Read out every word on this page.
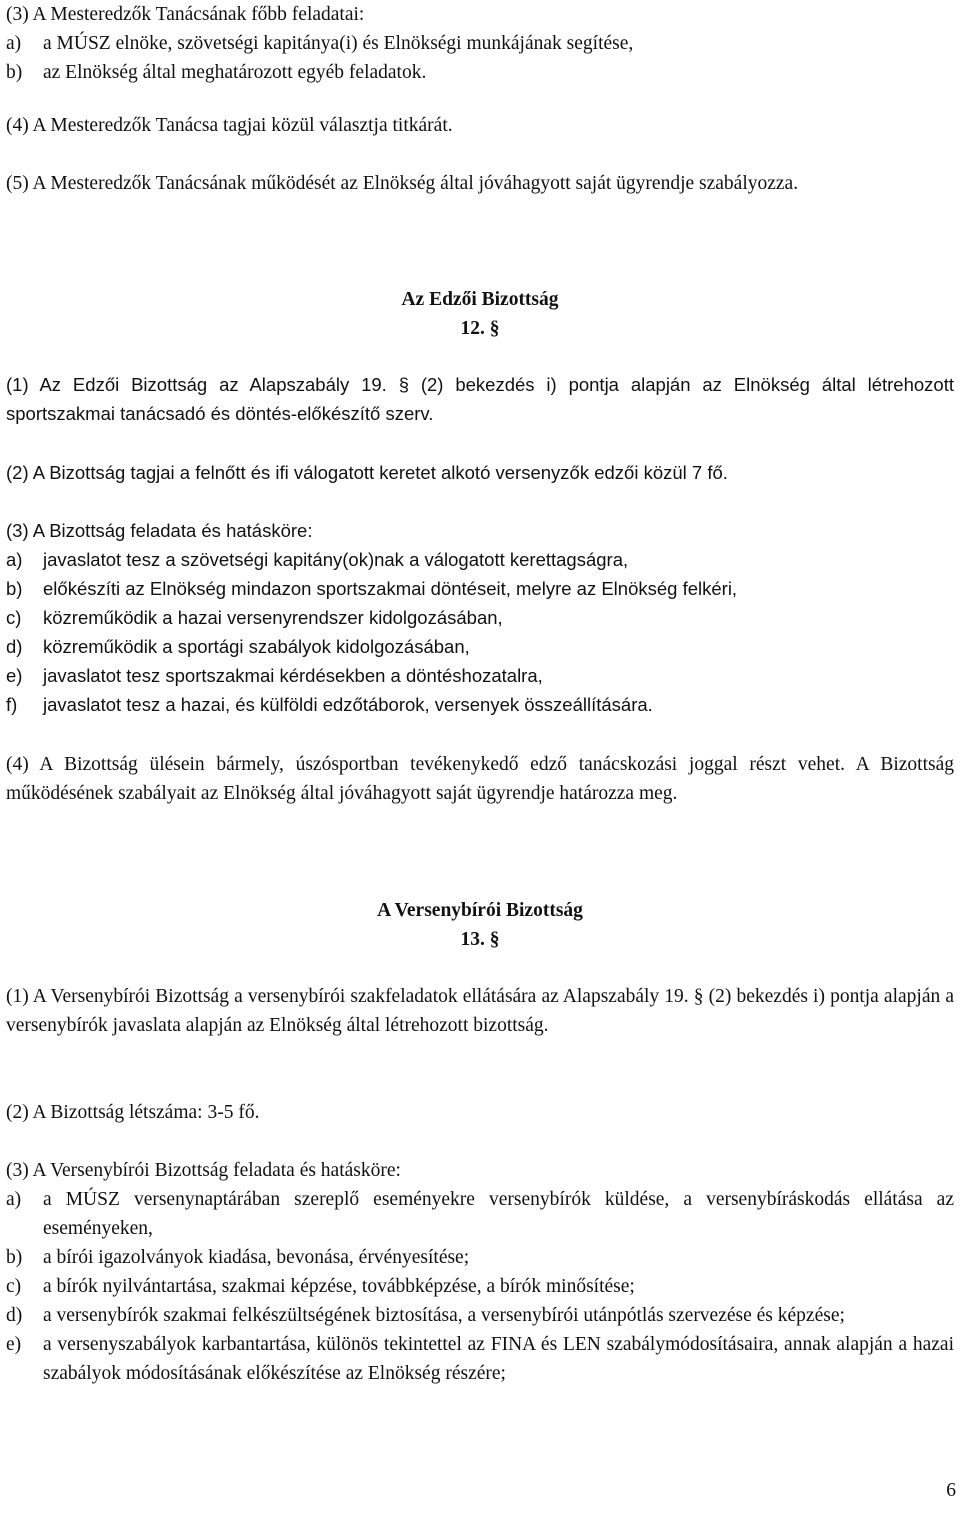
(3) A Mesteredzők Tanácsának főbb feladatai:
a)	a MÚSZ elnöke, szövetségi kapitánya(i) és Elnökségi munkájának segítése,
b)	az Elnökség által meghatározott egyéb feladatok.

(4) A Mesteredzők Tanácsa tagjai közül választja titkárát.

(5) A Mesteredzők Tanácsának működését az Elnökség által jóváhagyott saját ügyrendje szabályozza.

Az Edzői Bizottság
12. §

(1) Az Edzői Bizottság az Alapszabály 19. § (2) bekezdés i) pontja alapján az Elnökség által létrehozott sportszakmai tanácsadó és döntés-előkészítő szerv.

(2) A Bizottság tagjai a felnőtt és ifi válogatott keretet alkotó versenyzők edzői közül 7 fő.

(3) A Bizottság feladata és hatásköre:
a)	javaslatot tesz a szövetségi kapitány(ok)nak a válogatott kerettagságra,
b)	előkészíti az Elnökség mindazon sportszakmai döntéseit, melyre az Elnökség felkéri,
c)	közreműködik a hazai versenyrendszer kidolgozásában,
d)	közreműködik a sportági szabályok kidolgozásában,
e)	javaslatot tesz sportszakmai kérdésekben a döntéshozatalra,
f)	javaslatot tesz a hazai, és külföldi edzőtáborok, versenyek összeállítására.

(4) A Bizottság ülésein bármely, úszósportban tevékenykedő edző tanácskozási joggal részt vehet. A Bizottság működésének szabályait az Elnökség által jóváhagyott saját ügyrendje határozza meg.

A Versenybírói Bizottság
13. §

(1) A Versenybírói Bizottság a versenybírói szakfeladatok ellátására az Alapszabály 19. § (2) bekezdés i) pontja alapján a versenybírók javaslata alapján az Elnökség által létrehozott bizottság.

(2) A Bizottság létszáma: 3-5 fő.

(3) A Versenybírói Bizottság feladata és hatásköre:
a)	a MÚSZ versenynaptárában szereplő eseményekre versenybírók küldése, a versenybíráskodás ellátása az eseményeken,
b)	a bírói igazolványok kiadása, bevonása, érvényesítése;
c)	a bírók nyilvántartása, szakmai képzése, továbbképzése, a bírók minősítése;
d)	a versenybírók szakmai felkészültségének biztosítása, a versenybírói utánpótlás szervezése és képzése;
e)	a versenyszabályok karbantartása, különös tekintettel az FINA és LEN szabálymódosításaira, annak alapján a hazai szabályok módosításának előkészítése az Elnökség részére;
6
